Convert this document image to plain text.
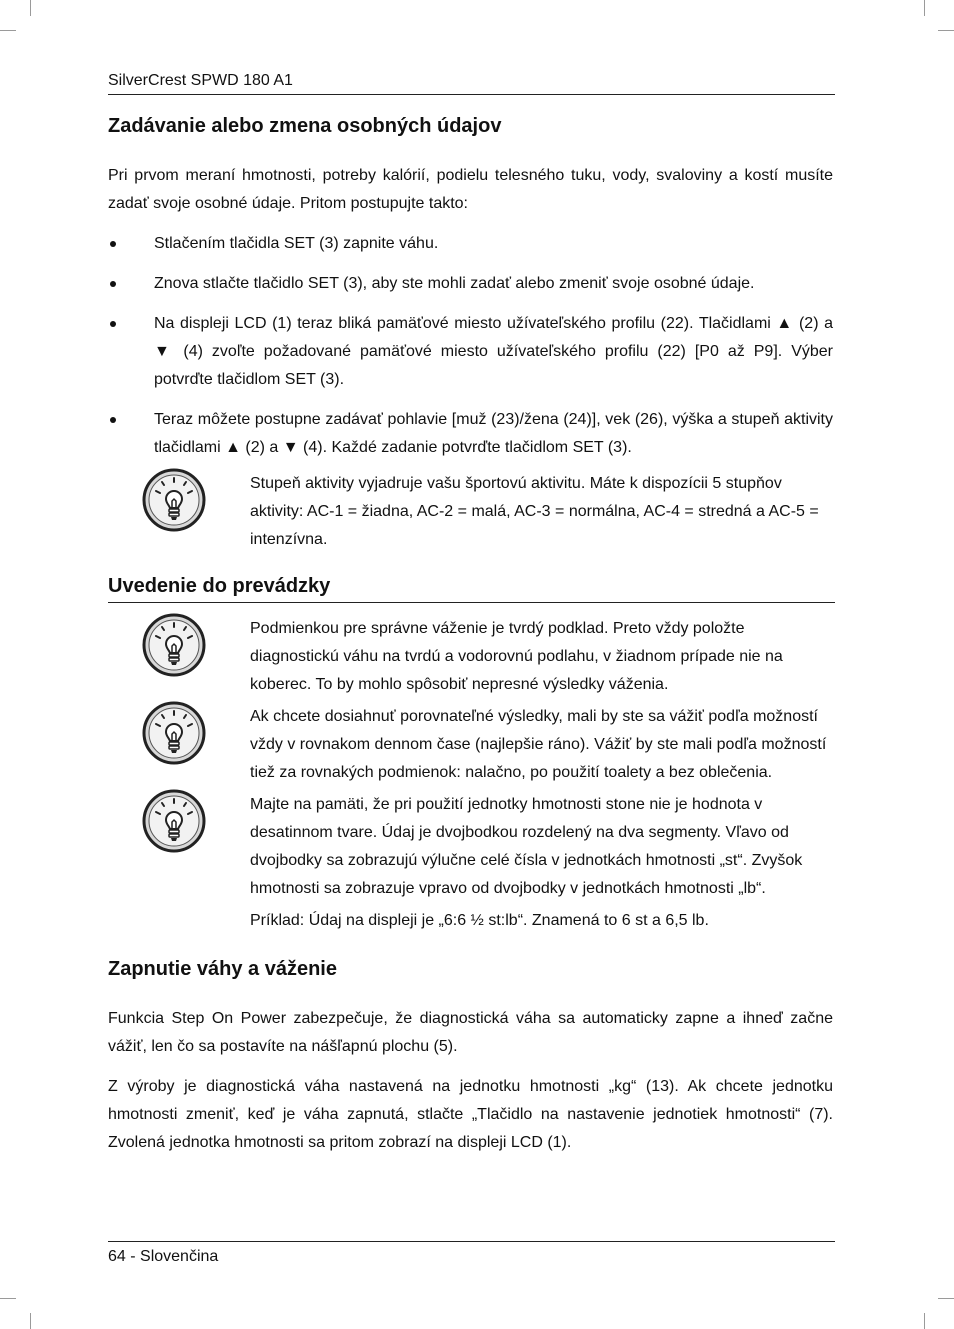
SilverCrest SPWD 180 A1
Zadávanie alebo zmena osobných údajov

Pri prvom meraní hmotnosti, potreby kalórií, podielu telesného tuku, vody, svaloviny a kostí musíte zadať svoje osobné údaje. Pritom postupujte takto:

Stlačením tlačidla SET (3) zapnite váhu.
Znova stlačte tlačidlo SET (3), aby ste mohli zadať alebo zmeniť svoje osobné údaje.
Na displeji LCD (1) teraz bliká pamäťové miesto užívateľského profilu (22). Tlačidlami ▲ (2) a ▼ (4) zvoľte požadované pamäťové miesto užívateľského profilu (22) [P0 až P9]. Výber potvrďte tlačidlom SET (3).
Teraz môžete postupne zadávať pohlavie [muž (23)/žena (24)], vek (26), výška a stupeň aktivity tlačidlami ▲ (2) a ▼ (4). Každé zadanie potvrďte tlačidlom SET (3).

Stupeň aktivity vyjadruje vašu športovú aktivitu. Máte k dispozícii 5 stupňov aktivity: AC-1 = žiadna, AC-2 = malá, AC-3 = normálna, AC-4 = stredná a AC-5 = intenzívna.

Uvedenie do prevádzky

Podmienkou pre správne váženie je tvrdý podklad. Preto vždy položte diagnostickú váhu na tvrdú a vodorovnú podlahu, v žiadnom prípade nie na koberec. To by mohlo spôsobiť nepresné výsledky váženia.

Ak chcete dosiahnuť porovnateľné výsledky, mali by ste sa vážiť podľa možností vždy v rovnakom dennom čase (najlepšie ráno). Vážiť by ste mali podľa možností tiež za rovnakých podmienok: nalačno, po použití toalety a bez oblečenia.

Majte na pamäti, že pri použití jednotky hmotnosti stone nie je hodnota v desatinnom tvare. Údaj je dvojbodkou rozdelený na dva segmenty. Vľavo od dvojbodky sa zobrazujú výlučne celé čísla v jednotkách hmotnosti „st“. Zvyšok hmotnosti sa zobrazuje vpravo od dvojbodky v jednotkách hmotnosti „lb“.

Príklad: Údaj na displeji je „6:6 ½ st:lb“. Znamená to 6 st a 6,5 lb.

Zapnutie váhy a váženie

Funkcia Step On Power zabezpečuje, že diagnostická váha sa automaticky zapne a ihneď začne vážiť, len čo sa postavíte na nášľapnú plochu (5).

Z výroby je diagnostická váha nastavená na jednotku hmotnosti „kg“ (13). Ak chcete jednotku hmotnosti zmeniť, keď je váha zapnutá, stlačte „Tlačidlo na nastavenie jednotiek hmotnosti“ (7). Zvolená jednotka hmotnosti sa pritom zobrazí na displeji LCD (1).

64 - Slovenčina
